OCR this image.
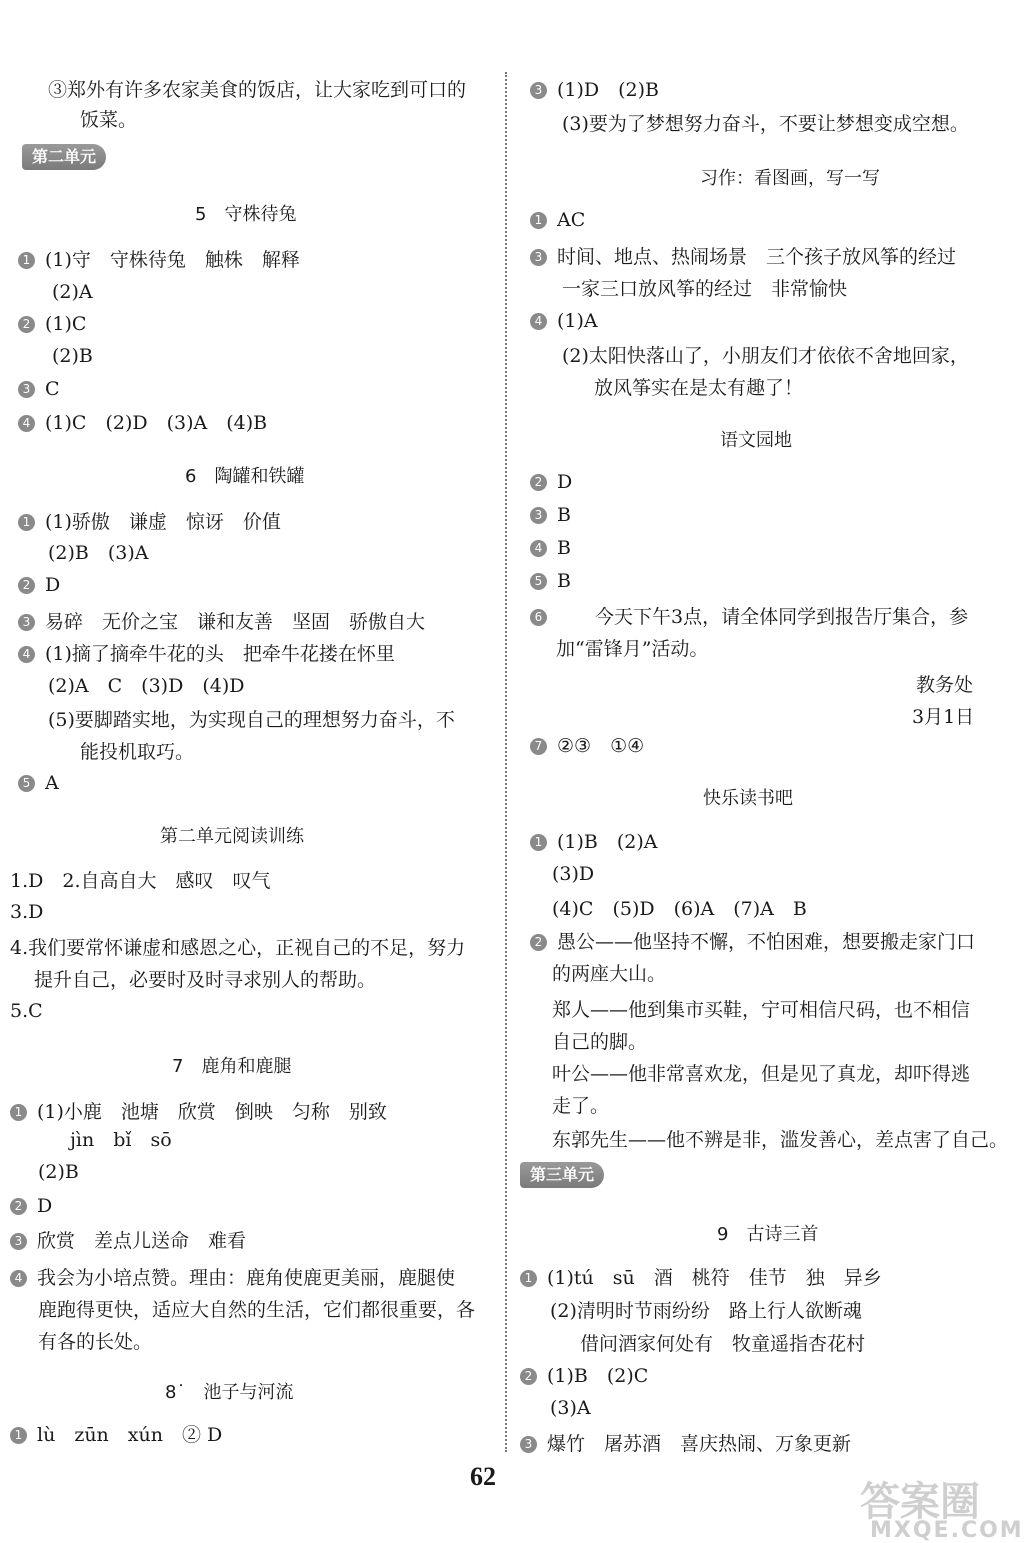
③郑外有许多农家美食的饭店，让大家吃到可口的
饭菜。
第二单元
5　守株待兔
1 (1)守　守株待兔　触株　解释
(2)A
2 (1)C
(2)B
3 C
4 (1)C　(2)D　(3)A　(4)B
6　陶罐和铁罐
1 (1)骄傲　谦虚　惊讶　价值
(2)B　(3)A
2 D
3 易碎　无价之宝　谦和友善　坚固　骄傲自大
4 (1)摘了摘牵牛花的头　把牵牛花搂在怀里
(2)A　C　(3)D　(4)D
(5)要脚踏实地，为实现自己的理想努力奋斗，不
能投机取巧。
5 A
第二单元阅读训练
1.D　2.自高自大　感叹　叹气
3.D
4.我们要常怀谦虚和感恩之心，正视自己的不足，努力
提升自己，必要时及时寻求别人的帮助。
5.C
7　鹿角和鹿腿
1 (1)小鹿　池塘　欣赏　倒映　匀称　别致
jìn　bǐ　sō
(2)B
2 D
3 欣赏　差点儿送命　难看
4 我会为小培点赞。理由：鹿角使鹿更美丽，鹿腿使
鹿跑得更快，适应大自然的生活，它们都很重要，各
有各的长处。
8˙　池子与河流
1 lù　zūn　xún　② D
3 (1)D　(2)B
(3)要为了梦想努力奋斗，不要让梦想变成空想。
习作：看图画，写一写
1 AC
3 时间、地点、热闹场景　三个孩子放风筝的经过
一家三口放风筝的经过　非常愉快
4 (1)A
(2)太阳快落山了，小朋友们才依依不舍地回家，
放风筝实在是太有趣了！
语文园地
2 D
3 B
4 B
5 B
6　　今天下午3点，请全体同学到报告厅集合，参
加“雷锋月”活动。
教务处
3月1日
7 ②③　①④
快乐读书吧
1 (1)B　(2)A
(3)D
(4)C　(5)D　(6)A　(7)A　B
2 愚公——他坚持不懈，不怕困难，想要搬走家门口
的两座大山。
郑人——他到集市买鞋，宁可相信尺码，也不相信
自己的脚。
叶公——他非常喜欢龙，但是见了真龙，却吓得逃
走了。
东郭先生——他不辨是非，滥发善心，差点害了自己。
第三单元
9　古诗三首
1 (1)tú　sū　酒　桃符　佳节　独　异乡
(2)清明时节雨纷纷　路上行人欲断魂
借问酒家何处有　牧童遥指杏花村
2 (1)B　(2)C
(3)A
3 爆竹　屠苏酒　喜庆热闹、万象更新
62
答案圈
MXQE.COM
